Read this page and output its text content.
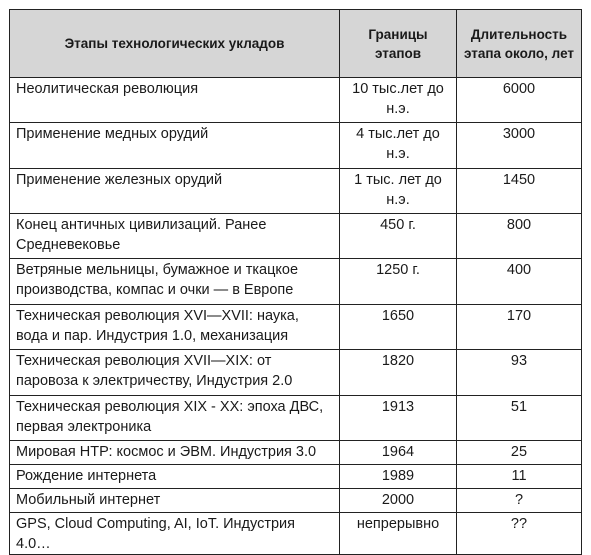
Этапы технологических укладов	Границы этапов	Длительность этапа около, лет
Неолитическая революция	10 тыс.лет до н.э.	6000
Применение медных орудий	4 тыс.лет до н.э.	3000
Применение железных орудий	1 тыс. лет до н.э.	1450
Конец античных цивилизаций. Ранее Средневековье	450 г.	800
Ветряные мельницы, бумажное и ткацкое производства, компас и очки — в Европе	1250 г.	400
Техническая революция XVI—XVII: наука, вода и пар. Индустрия 1.0, механизация	1650	170
Техническая революция XVII—XIX: от паровоза к электричеству, Индустрия 2.0	1820	93
Техническая революция XIX - XX: эпоха ДВС, первая электроника	1913	51
Мировая НТР: космос и ЭВМ. Индустрия 3.0	1964	25
Рождение интернета	1989	11
Мобильный интернет	2000	?
GPS, Cloud Computing, AI, IoT. Индустрия 4.0…	непрерывно	??
